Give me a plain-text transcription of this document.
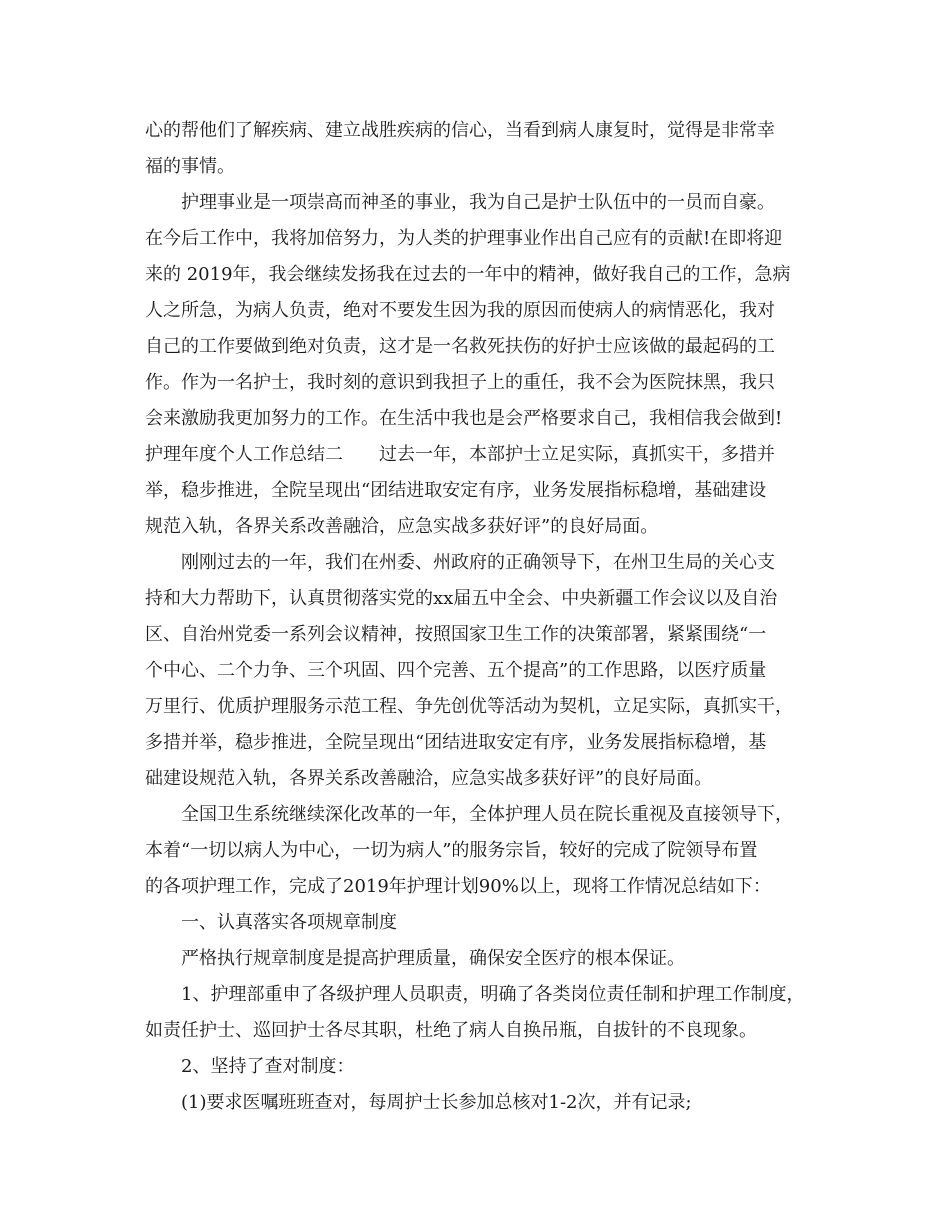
心的帮他们了解疾病、建立战胜疾病的信心，当看到病人康复时，觉得是非常幸

福的事情。

护理事业是一项崇高而神圣的事业，我为自己是护士队伍中的一员而自豪。

在今后工作中，我将加倍努力，为人类的护理事业作出自己应有的贡献!在即将迎

来的 2019年，我会继续发扬我在过去的一年中的精神，做好我自己的工作，急病

人之所急，为病人负责，绝对不要发生因为我的原因而使病人的病情恶化，我对

自己的工作要做到绝对负责，这才是一名救死扶伤的好护士应该做的最起码的工

作。作为一名护士，我时刻的意识到我担子上的重任，我不会为医院抹黑，我只

会来激励我更加努力的工作。在生活中我也是会严格要求自己，我相信我会做到!

护理年度个人工作总结二　　过去一年，本部护士立足实际，真抓实干，多措并

举，稳步推进，全院呈现出“团结进取安定有序，业务发展指标稳增，基础建设

规范入轨，各界关系改善融洽，应急实战多获好评”的良好局面。

刚刚过去的一年，我们在州委、州政府的正确领导下，在州卫生局的关心支

持和大力帮助下，认真贯彻落实党的xx届五中全会、中央新疆工作会议以及自治

区、自治州党委一系列会议精神，按照国家卫生工作的决策部署，紧紧围绕“一

个中心、二个力争、三个巩固、四个完善、五个提高”的工作思路，以医疗质量

万里行、优质护理服务示范工程、争先创优等活动为契机，立足实际，真抓实干，

多措并举，稳步推进，全院呈现出“团结进取安定有序，业务发展指标稳增，基

础建设规范入轨，各界关系改善融洽，应急实战多获好评”的良好局面。

全国卫生系统继续深化改革的一年，全体护理人员在院长重视及直接领导下，

本着“一切以病人为中心，一切为病人”的服务宗旨，较好的完成了院领导布置

的各项护理工作，完成了2019年护理计划90%以上，现将工作情况总结如下：

一、认真落实各项规章制度

严格执行规章制度是提高护理质量，确保安全医疗的根本保证。

1、护理部重申了各级护理人员职责，明确了各类岗位责任制和护理工作制度，

如责任护士、巡回护士各尽其职，杜绝了病人自换吊瓶，自拔针的不良现象。

2、坚持了查对制度：

(1)要求医嘱班班查对，每周护士长参加总核对1-2次，并有记录;
